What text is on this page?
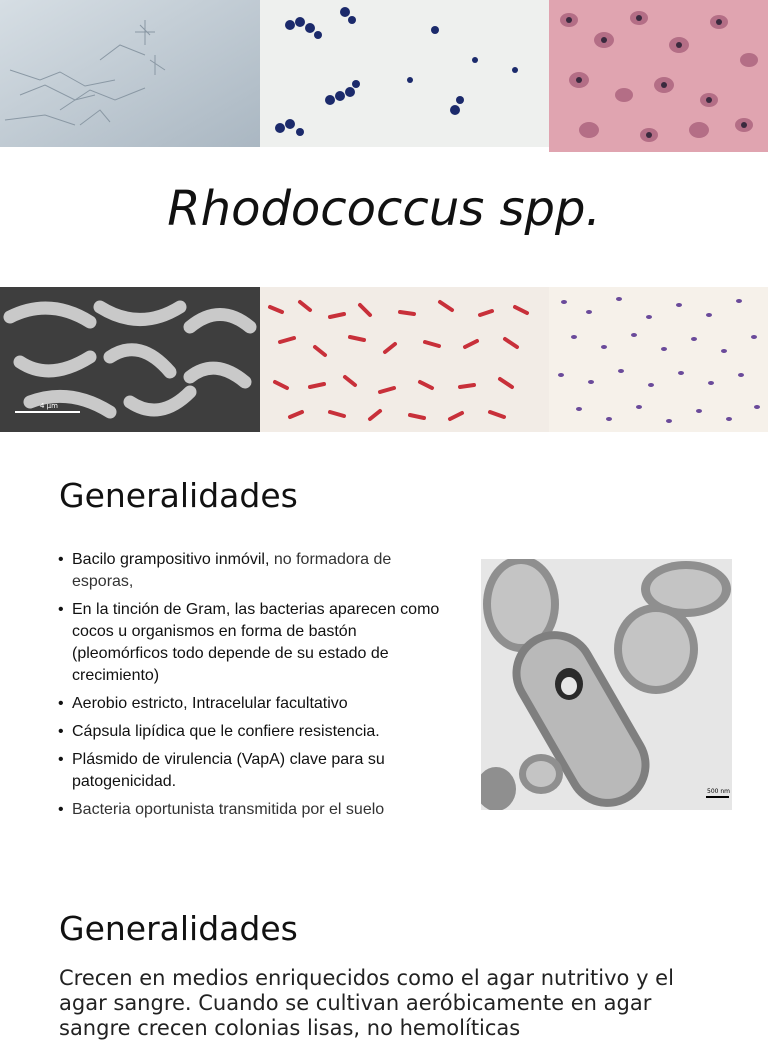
Rhodococcus spp.
4 μm
Generalidades
• Bacilo grampositivo inmóvil, no formadora de esporas,
• En la tinción de Gram, las bacterias aparecen como cocos u organismos en forma de bastón (pleomórficos todo depende de su estado de crecimiento)
• Aerobio estricto, Intracelular facultativo
• Cápsula lipídica que le confiere resistencia.
• Plásmido de virulencia (VapA) clave para su patogenicidad.
• Bacteria oportunista transmitida por el suelo
500 nm
Generalidades
Crecen en medios enriquecidos como el agar nutritivo y el agar sangre. Cuando se cultivan aeróbicamente en agar sangre crecen colonias lisas, no hemolíticas
